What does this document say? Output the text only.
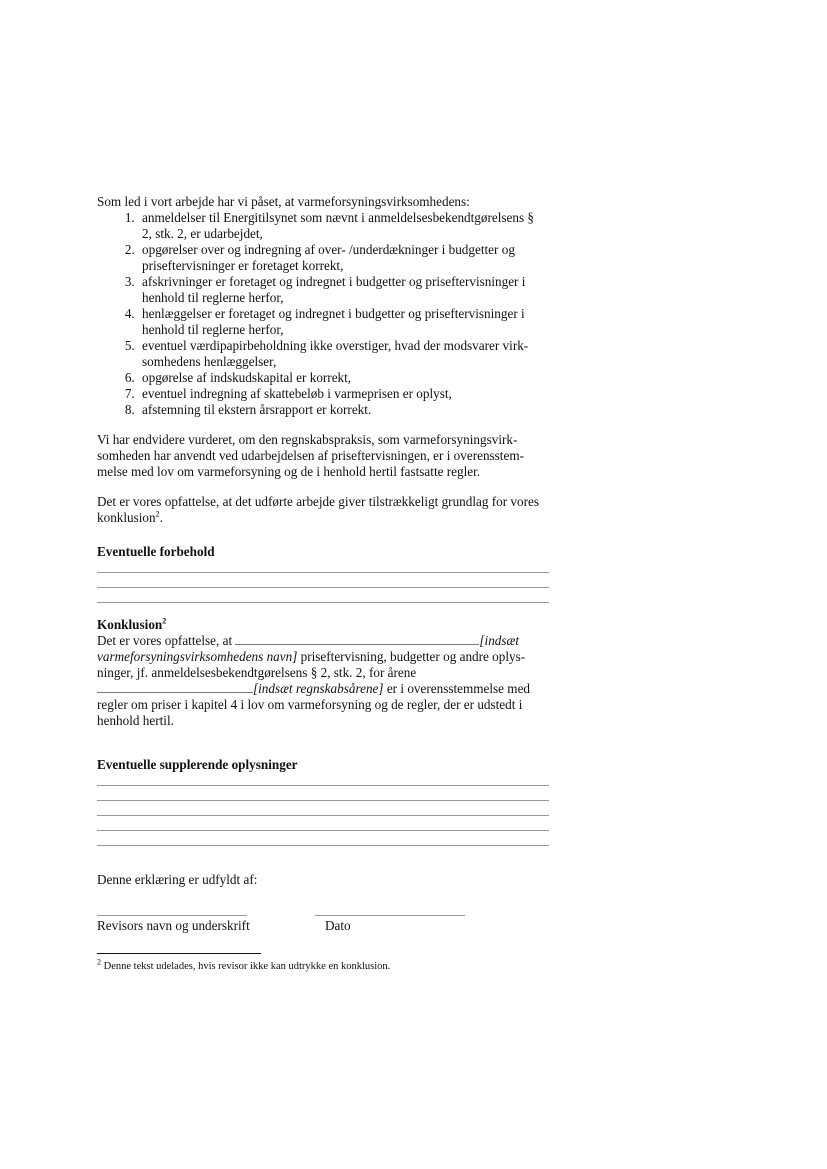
Som led i vort arbejde har vi påset, at varmeforsyningsvirksomhedens:

1. anmeldelser til Energitilsynet som nævnt i anmeldelsesbekendtgørelsens § 2, stk. 2, er udarbejdet,
2. opgørelser over og indregning af over- /underdækninger i budgetter og priseftervisninger er foretaget korrekt,
3. afskrivninger er foretaget og indregnet i budgetter og priseftervisninger i henhold til reglerne herfor,
4. henlæggelser er foretaget og indregnet i budgetter og priseftervisninger i henhold til reglerne herfor,
5. eventuel værdipapirbeholdning ikke overstiger, hvad der modsvarer virk-somhedens henlæggelser,
6. opgørelse af indskudskapital er korrekt,
7. eventuel indregning af skattebeløb i varmeprisen er oplyst,
8. afstemning til ekstern årsrapport er korrekt.

Vi har endvidere vurderet, om den regnskabspraksis, som varmeforsyningsvirk-somheden har anvendt ved udarbejdelsen af priseftervisningen, er i overensstem-melse med lov om varmeforsyning og de i henhold hertil fastsatte regler.

Det er vores opfattelse, at det udførte arbejde giver tilstrækkeligt grundlag for vores konklusion$^2$.

Eventuelle forbehold
Konklusion$^2$

Det er vores opfattelse, at	[indsæt varmeforsyningsvirksomhedens navn] priseftervisning, budgetter og andre oplys-ninger, jf. anmeldelsesbekendtgørelsens § 2, stk. 2, for årene [indsæt regnskabsårene] er i overensstemmelse med regler om priser i kapitel 4 i lov om varmeforsyning og de regler, der er udstedt i henhold hertil.

Eventuelle supplerende oplysninger

Denne erklæring er udfyldt af:

Revisors navn og underskrift	Dato

$^2$ Denne tekst udelades, hvis revisor ikke kan udtrykke en konklusion.
